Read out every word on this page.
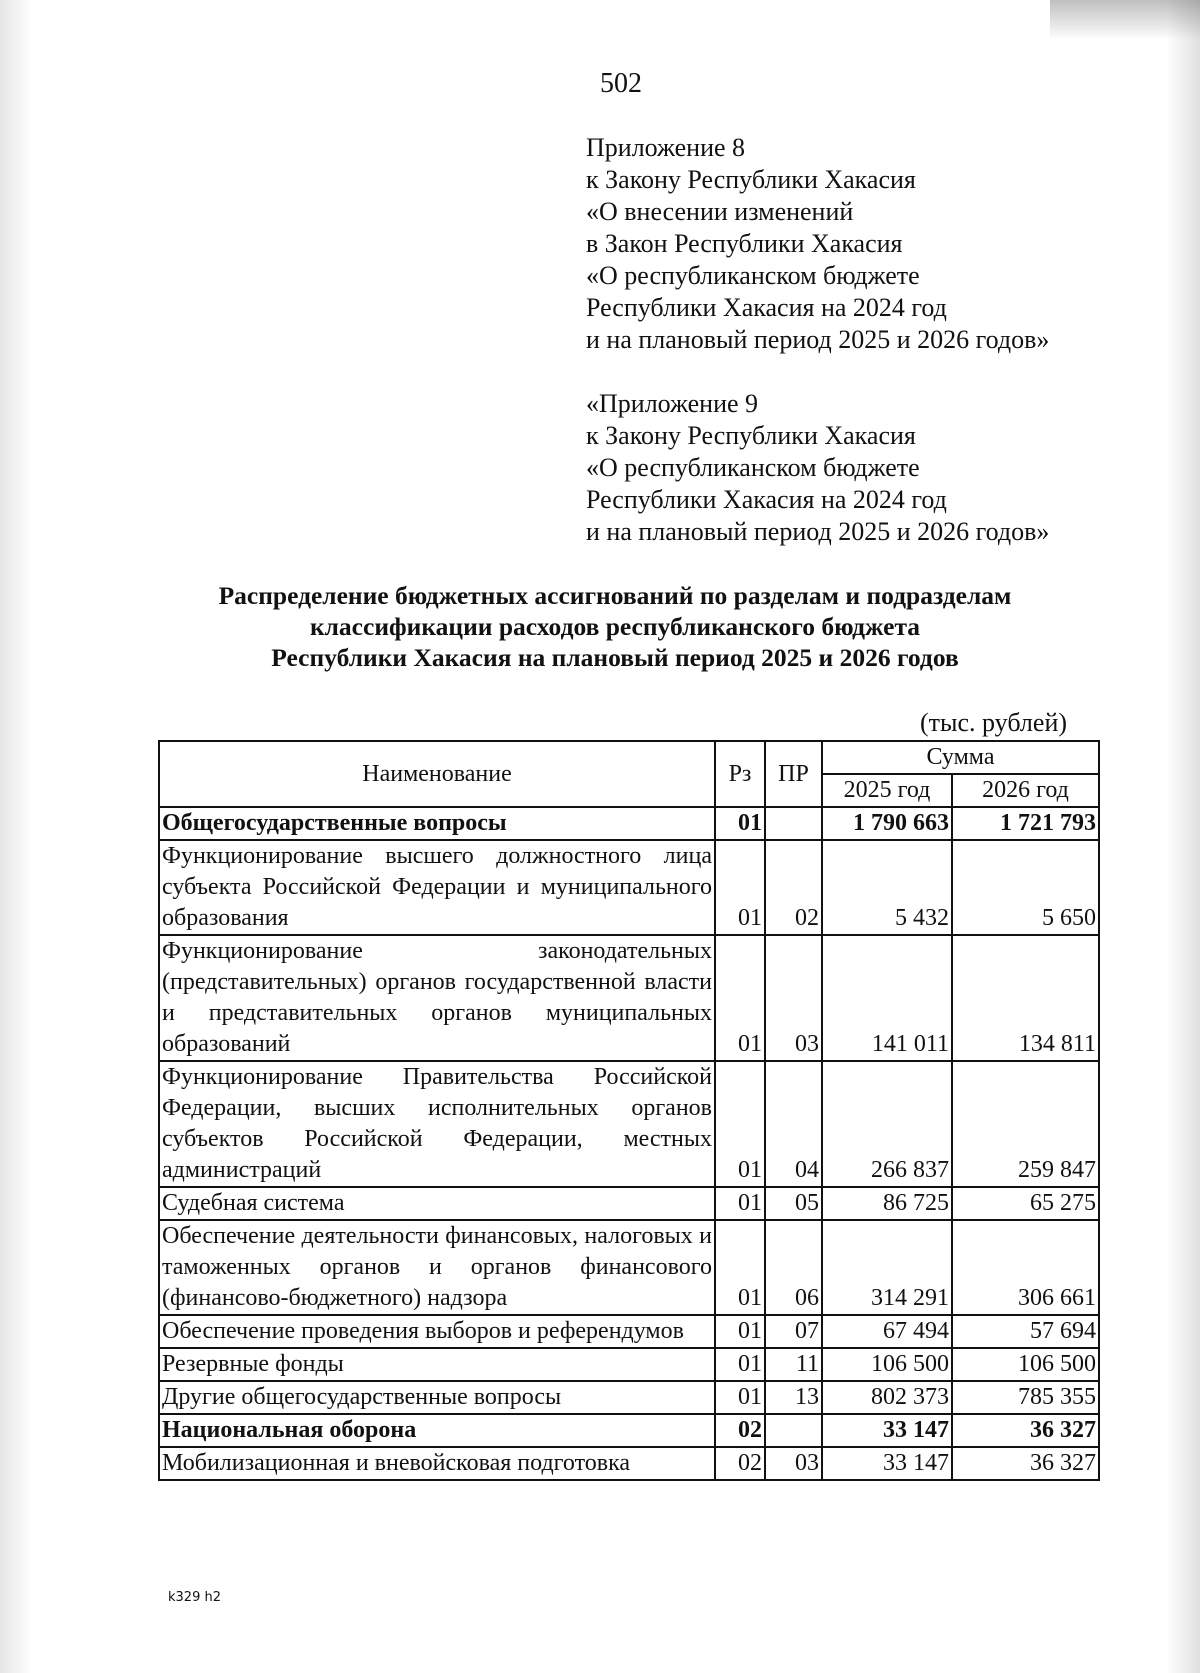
502
Приложение 8
к Закону Республики Хакасия
«О внесении изменений
в Закон Республики Хакасия
«О республиканском бюджете
Республики Хакасия на 2024 год
и на плановый период 2025 и 2026 годов»
«Приложение 9
к Закону Республики Хакасия
«О республиканском бюджете
Республики Хакасия на 2024 год
и на плановый период 2025 и 2026 годов»
Распределение бюджетных ассигнований по разделам и подразделам
классификации расходов республиканского бюджета
Республики Хакасия на плановый период 2025 и 2026 годов
(тыс. рублей)
Наименование	Рз	ПР	Сумма	
			2025 год	2026 год
Общегосударственные вопросы	01		1 790 663	1 721 793
Функционирование высшего должностного лица субъекта Российской Федерации и муниципального образования	01	02	5 432	5 650
Функционирование законодательных (представительных) органов государственной власти и представительных органов муниципальных образований	01	03	141 011	134 811
Функционирование Правительства Российской Федерации, высших исполнительных органов субъектов Российской Федерации, местных администраций	01	04	266 837	259 847
Судебная система	01	05	86 725	65 275
Обеспечение деятельности финансовых, налоговых и таможенных органов и органов финансового (финансово-бюджетного) надзора	01	06	314 291	306 661
Обеспечение проведения выборов и референдумов	01	07	67 494	57 694
Резервные фонды	01	11	106 500	106 500
Другие общегосударственные вопросы	01	13	802 373	785 355
Национальная оборона	02		33 147	36 327
Мобилизационная и вневойсковая подготовка	02	03	33 147	36 327
k329 h2
